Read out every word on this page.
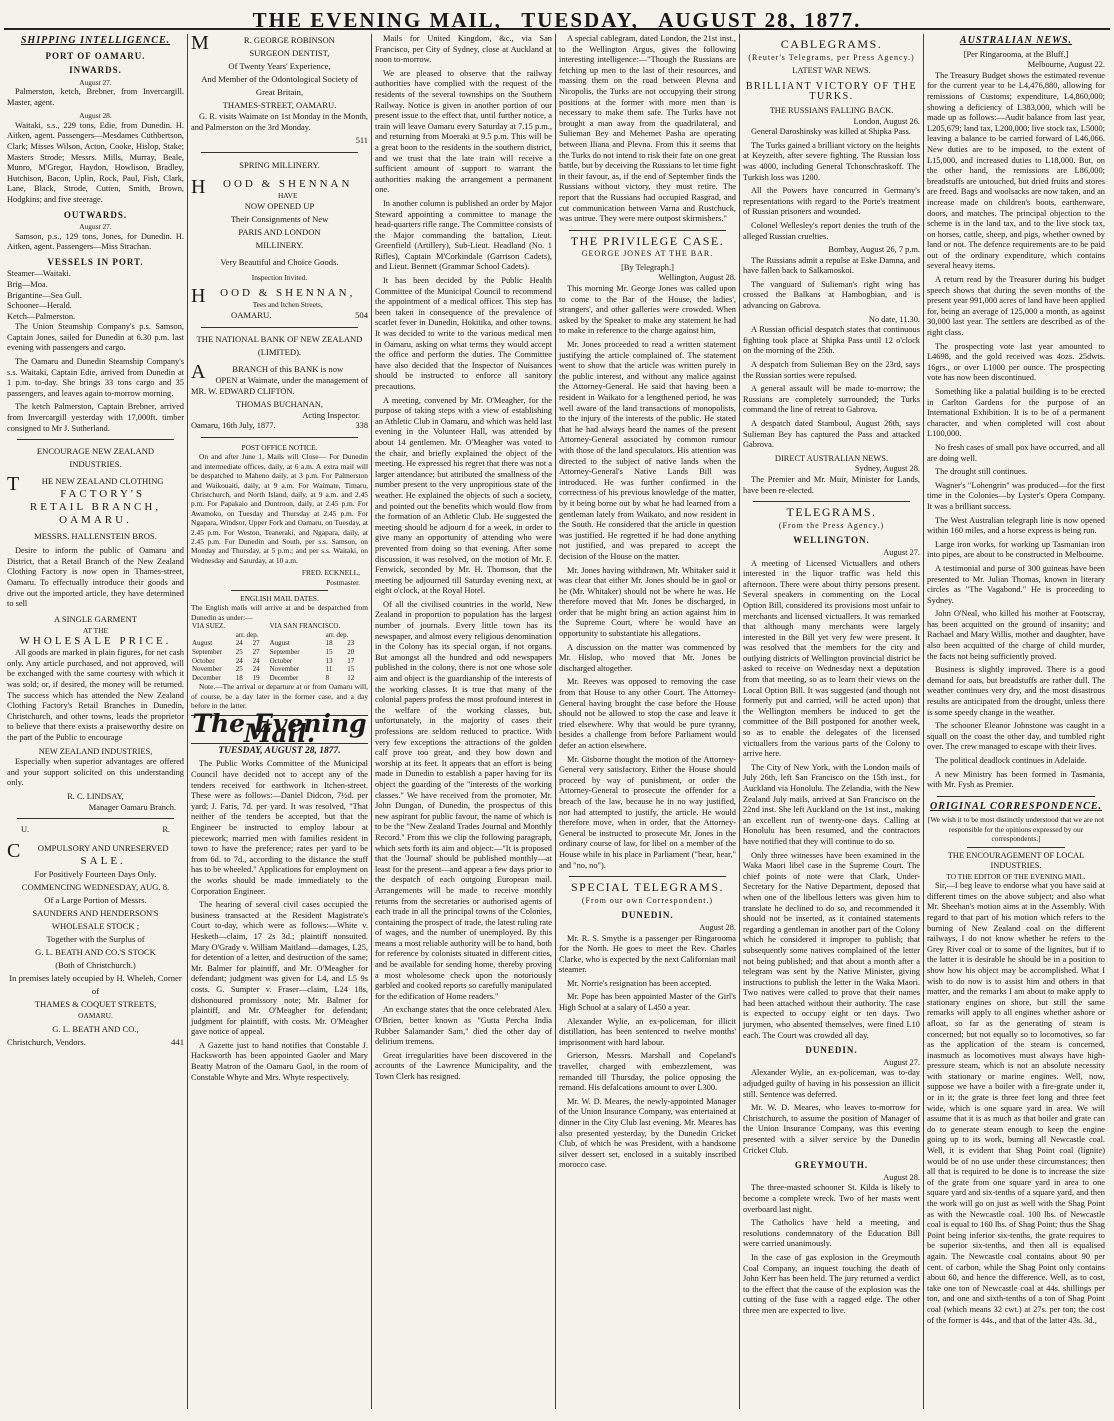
THE EVENING MAIL, TUESDAY, AUGUST 28, 1877.
SHIPPING INTELLIGENCE.
PORT OF OAMARU.
INWARDS.
August 27.

Palmerston, ketch, Brebner, from Invercargill. Master, agent.

August 28.

Waitaki, s.s., 229 tons, Edie, from Dunedin. H. Aitken, agent. Passengers—Mesdames Cuthbertson, Clark; Misses Wilson, Acton, Cooke, Hislop, Stake; Masters Strode; Messrs. Mills, Murray, Beale, Munro, M'Gregor, Haydon, Howlison, Bradley, Hutchison, Bacon, Uplin, Rock, Paul, Fish, Clark, Lane, Black, Strode, Cutten, Smith, Brown, Hodgkins; and five steerage.

OUTWARDS.
August 27.

Samson, p.s., 129 tons, Jones, for Dunedin. H. Aitken, agent. Passengers—Miss Strachan.

VESSELS IN PORT.
Steamer—Waitaki.
Brig—Moa.
Brigantine—Sea Gull.
Schooner—Herald.
Ketch—Palmerston.

The Union Steamship Company's p.s. Samson, Captain Jones, sailed for Dunedin at 6.30 p.m. last evening with passengers and cargo.

The Oamaru and Dunedin Steamship Company's s.s. Waitaki, Captain Edie, arrived from Dunedin at 1 p.m. to-day. She brings 33 tons cargo and 35 passengers, and leaves again to-morrow morning.

The ketch Palmerston, Captain Brebner, arrived from Invercargill yesterday with 17,000ft. timber consigned to Mr J. Sutherland.

ENCOURAGE NEW ZEALAND
INDUSTRIES.
T	HE NEW ZEALAND CLOTHING
FACTORY'S
RETAIL BRANCH,
OAMARU.
MESSRS. HALLENSTEIN BROS.

Desire to inform the public of Oamaru and District, that a Retail Branch of the New Zealand Clothing Factory is now open in Thames-street, Oamaru. To effectually introduce their goods and drive out the imported article, they have determined to sell

A SINGLE GARMENT
AT THE
WHOLESALE PRICE.

All goods are marked in plain figures, for net cash only. Any article purchased, and not approved, will be exchanged with the same courtesy with which it was sold; or, if desired, the money will be returned. The success which has attended the New Zealand Clothing Factory's Retail Branches in Dunedin, Christchurch, and other towns, leads the proprietor to believe that there exists a praiseworthy desire on the part of the Public to encourage

NEW ZEALAND INDUSTRIES,

Especially when superior advantages are offered and your support solicited on this understanding only.

R. C. LINDSAY,
Manager Oamaru Branch.
U.	R.
C OMPULSORY AND UNRESERVED
SALE.
For Positively Fourteen Days Only.
COMMENCING WEDNESDAY, AUG. 8.
Of a Large Portion of Messrs.
SAUNDERS AND HENDERSON'S
WHOLESALE STOCK ;
Together with the Surplus of
G. L. BEATH AND CO.'S STOCK
(Both of Christchurch.)
In premises lately occupied by H. Wheleh, Corner of
THAMES & COQUET STREETS,
OAMARU.
G. L. BEATH AND CO.,
Christchurch, Vendors.	441
M	R. GEORGE ROBINSON
SURGEON DENTIST,
Of Twenty Years' Experience,
And Member of the Odontological Society of Great Britain,
THAMES-STREET, OAMARU.

G. R. visits Waimate on 1st Monday in the Month, and Palmerston on the 3rd Monday.

511
SPRING MILLINERY.
H OOD & SHENNAN
HAVE
NOW OPENED UP
Their Consignments of New
PARIS AND LONDON
MILLINERY.
Very Beautiful and Choice Goods.
Inspection Invited.
H OOD & SHENNAN,
Tees and Itchen Streets,
OAMARU.	504
THE NATIONAL BANK OF NEW ZEALAND (LIMITED).
A	BRANCH of this BANK is now

OPEN at Waimate, under the management of MR. W. EDWARD CLIFTON.

THOMAS BUCHANAN,
Acting Inspector.
Oamaru, 16th July, 1877.	338
POST OFFICE NOTICE.

On and after June 1, Mails will Close— For Dunedin and intermediate offices, daily, at 6 a.m. A extra mail will be despatched to Maheno daily, at 3 p.m. For Palmerston and Waikouaiti, daily, at 9 a.m. For Waimate, Timaru, Christchurch, and North Island, daily, at 9 a.m. and 2.45 p.m. For Papakaio and Duntroon, daily, at 2.45 p.m. For Awamoko, on Tuesday and Thursday at 2.45 p.m. For Ngapara, Windsor, Upper Fork and Oamaru, on Tuesday, at 2.45 p.m. For Weston, Teaneraki, and Ngapara, daily, at 2.45 p.m. For Dunedin and South, per s.s. Samson, on Monday and Thursday, at 5 p.m.; and per s.s. Waitaki, on Wednesday and Saturday, at 10 a.m.

FRED. ECKNELL,
Postmaster.
ENGLISH MAIL DATES.
The English mails will arrive at and be despatched from Dunedin as under:—
VIA SUEZ.			VIA SAN FRANCISCO.		
	arr. dep.			arr. dep.	
August	24	27	August	18	23
September	25	27	September	15	20
October	24	24	October	13	17
November	25	24	November	11	15
December	18	19	December	8	12

Note.—The arrival or departure at or from Oamaru will, of course, be a day later in the former case, and a day before in the latter.

The Evening Mail.
TUESDAY, AUGUST 28, 1877.

The Public Works Committee of the Municipal Council have decided not to accept any of the tenders received for earthwork in Itchen-street. These were as follows:—Daniel Didcon, 7½d. per yard; J. Faris, 7d. per yard. It was resolved, "That neither of the tenders be accepted, but that the Engineer be instructed to employ labour at piecework; married men with families resident in town to have the preference; rates per yard to be from 6d. to 7d., according to the distance the stuff has to be wheeled." Applications for employment on the works should be made immediately to the Corporation Engineer.

The hearing of several civil cases occupied the business transacted at the Resident Magistrate's Court to-day, which were as follows:—White v. Hesketh—claim, 17 2s 3d.; plaintiff nonsuited. Mary O'Grady v. William Maitland—damages, L25, for detention of a letter, and destruction of the same; Mr. Balmer for plaintiff, and Mr. O'Meagher for defendant; judgment was given for L4, and L5 9s costs. G. Sumpter v. Fraser—claim, L24 18s, dishonoured promissory note; Mr. Balmer for plaintiff, and Mr. O'Meagher for defendant; judgment for plaintiff, with costs. Mr. O'Meagher gave notice of appeal.

A Gazette just to hand notifies that Constable J. Hacksworth has been appointed Gaoler and Mary Beatty Matron of the Oamaru Gaol, in the room of Constable Whyte and Mrs. Whyte respectively.

Mails for United Kingdom, &c., via San Francisco, per City of Sydney, close at Auckland at noon to-morrow.

We are pleased to observe that the railway authorities have complied with the request of the residents of the several townships on the Southern Railway. Notice is given in another portion of our present issue to the effect that, until further notice, a train will leave Oamaru every Saturday at 7.15 p.m., and returning from Moeraki at 9.5 p.m. This will be a great boon to the residents in the southern district, and we trust that the late train will receive a sufficient amount of support to warrant the authorities making the arrangement a permanent one.

In another column is published an order by Major Steward appointing a committee to manage the head-quarters rifle range. The Committee consists of the Major commanding the battalion, Lieut. Greenfield (Artillery), Sub-Lieut. Headland (No. 1 Rifles), Captain M'Corkindale (Garrison Cadets), and Lieut. Bennett (Grammar School Cadets).

It has been decided by the Public Health Committee of the Municipal Council to recommend the appointment of a medical officer. This step has been taken in consequence of the prevalence of scarlet fever in Dunedin, Hokitika, and other towns. It was decided to write to the various medical men in Oamaru, asking on what terms they would accept the office and perform the duties. The Committee have also decided that the Inspector of Nuisances should be instructed to enforce all sanitory precautions.

A meeting, convened by Mr. O'Meagher, for the purpose of taking steps with a view of establishing an Athletic Club in Oamaru, and which was held last evening in the Volunteer Hall, was attended by about 14 gentlemen. Mr. O'Meagher was voted to the chair, and briefly explained the object of the meeting. He expressed his regret that there was not a larger attendance; but attributed the smallness of the number present to the very unpropitious state of the weather. He explained the objects of such a society, and pointed out the benefits which would flow from the formation of an Athletic Club. He suggested the meeting should be adjourn d for a week, in order to give many an opportunity of attending who were prevented from doing so that evening. After some discussion, it was resolved, on the motion of Mr. F. Fenwick, seconded by Mr. H. Thomson, that the meeting be adjourned till Saturday evening next, at eight o'clock, at the Royal Hotel.

Of all the civilised countries in the world, New Zealand in proportion to population has the largest number of journals. Every little town has its newspaper, and almost every religious denomination in the Colony has its special organ, if not organs. But amongst all the hundred and odd newspapers published in the colony, there is not one whose sole aim and object is the guardianship of the interests of the working classes. It is true that many of the colonial papers profess the most profound interest in the welfare of the working classes, but, unfortunately, in the majority of cases their professions are seldom reduced to practice. With very few exceptions the attractions of the golden calf prove too great, and they bow down and worship at its feet. It appears that an effort is being made in Dunedin to establish a paper having for its object the guarding of the "interests of the working classes." We have received from the promoter, Mr. John Dungan, of Dunedin, the prospectus of this new aspirant for public favour, the name of which is to be the "New Zealand Trades Journal and Monthly Record." From this we clip the following paragraph, which sets forth its aim and object:—"It is proposed that the 'Journal' should be published monthly—at least for the present—and appear a few days prior to the despatch of each outgoing European mail. Arrangements will be made to receive monthly returns from the secretaries or authorised agents of each trade in all the principal towns of the Colonies, containing the prospect of trade, the latest ruling rate of wages, and the number of unemployed. By this means a most reliable authority will be to hand, both for reference by colonists situated in different cities, and be available for sending home, thereby proving a most wholesome check upon the notoriously garbled and cooked reports so carefully manipulated for the edification of Home readers."

An exchange states that the once celebrated Alex. O'Brien, better known as "Gutta Percha India Rubber Salamander Sam," died the other day of delirium tremens.

Great irregularities have been discovered in the accounts of the Lawrence Municipality, and the Town Clerk has resigned.

A special cablegram, dated London, the 21st inst., to the Wellington Argus, gives the following interesting intelligence:—"Though the Russians are fetching up men to the last of their resources, and massing them on the road between Plevna and Nicopolis, the Turks are not occupying their strong positions at the former with more men than is necessary to make them safe. The Turks have not brought a man away from the quadrilateral, and Sulieman Bey and Mehemet Pasha are operating between Iliana and Plevna. From this it seems that the Turks do not intend to risk their fate on one great battle, but by deceiving the Russians to let time fight in their favour, as, if the end of September finds the Russians without victory, they must retire. The report that the Russians had occupied Rasgrad, and cut communication between Varna and Rustchuck, was untrue. They were mere outpost skirmishers."

THE PRIVILEGE CASE.
GEORGE JONES AT THE BAR.
[By Telegraph.]
Wellington, August 28.

This morning Mr. George Jones was called upon to come to the Bar of the House, the ladies', strangers', and other galleries were crowded. When asked by the Speaker to make any statement he had to make in reference to the charge against him,

Mr. Jones proceeded to read a written statement justifying the article complained of. The statement went to show that the article was written purely in the public interest, and without any malice against the Attorney-General. He said that having been a resident in Waikato for a lengthened period, he was well aware of the land transactions of monopolists, to the injury of the interests of the public. He stated that he had always heard the names of the present Attorney-General associated by common rumour with those of the land speculators. His attention was directed to the subject of native lands when the Attorney-General's Native Lands Bill was introduced. He was further confirmed in the correctness of his previous knowledge of the matter, by it being borne out by what he had learned from a gentleman lately from Waikato, and now resident in the South. He considered that the article in question was justified. He regretted if he had done anything not justified, and was prepared to accept the decision of the House on the matter.

Mr. Jones having withdrawn, Mr. Whitaker said it was clear that either Mr. Jones should be in gaol or he (Mr. Whitaker) should not be where he was. He therefore moved that Mr. Jones be discharged, in order that he might bring an action against him in the Supreme Court, where he would have an opportunity to substantiate his allegations.

A discussion on the matter was commenced by Mr. Hislop, who moved that Mr. Jones be discharged altogether.

Mr. Reeves was opposed to removing the case from that House to any other Court. The Attorney-General having brought the case before the House should not be allowed to stop the case and leave it tried elsewhere. Why that would be pure tyranny, besides a challenge from before Parliament would defer an action elsewhere.

Mr. Gisborne thought the motion of the Attorney-General very satisfactory. Either the House should proceed by way of punishment, or order the Attorney-General to prosecute the offender for a breach of the law, because he in no way justified, nor had attempted to justify, the article. He would therefore move, when in order, that the Attorney-General be instructed to prosecute Mr. Jones in the ordinary course of law, for libel on a member of the House while in his place in Parliament ("hear, hear," and "no, no").

SPECIAL TELEGRAMS.
(From our own Correspondent.)
DUNEDIN.
August 28.

Mr. R. S. Smythe is a passenger per Ringarooma for the North. He goes to meet the Rev. Charles Clarke, who is expected by the next Californian mail steamer.

Mr. Norrie's resignation has been accepted.

Mr. Pope has been appointed Master of the Girl's High School at a salary of L450 a year.

Alexander Wylie, an ex-policeman, for illicit distillation, has been sentenced to twelve months' imprisonment with hard labour.

Grierson, Messrs. Marshall and Copeland's traveller, charged with embezzlement, was remanded till Thursday, the police opposing the remand. His defalcations amount to over L300.

Mr. W. D. Meares, the newly-appointed Manager of the Union Insurance Company, was entertained at dinner in the City Club last evening. Mr. Meares has also presented yesterday, by the Dunedin Cricket Club, of which he was President, with a handsome silver dessert set, enclosed in a suitably inscribed morocco case.

CABLEGRAMS.
(Reuter's Telegrams, per Press Agency.)
LATEST WAR NEWS.
BRILLIANT VICTORY OF THE TURKS.
THE RUSSIANS FALLING BACK.
London, August 26.

General Daroshinsky was killed at Shipka Pass.

The Turks gained a brilliant victory on the heights at Keyzeith, after severe fighting. The Russian loss was 4000, including General Tchonschraskoff. The Turkish loss was 1200.

All the Powers have concurred in Germany's representations with regard to the Porte's treatment of Russian prisoners and wounded.

Colonel Wellesley's report denies the truth of the alleged Russian cruelties.

Bombay, August 26, 7 p.m.

The Russians admit a repulse at Eske Damna, and have fallen back to Salkamoskoi.

The vanguard of Sulieman's right wing has crossed the Balkans at Hambogbian, and is advancing on Gabrova.

No date, 11.30.

A Russian official despatch states that continuous fighting took place at Shipka Pass until 12 o'clock on the morning of the 25th.

A despatch from Sulieman Bey on the 23rd, says the Russian sorties were repulsed.

A general assault will be made to-morrow; the Russians are completely surrounded; the Turks command the line of retreat to Gabrova.

A despatch dated Stamboul, August 26th, says Sulieman Bey has captured the Pass and attacked Gabrova.

DIRECT AUSTRALIAN NEWS.
Sydney, August 28.

The Premier and Mr. Muir, Minister for Lands, have been re-elected.

TELEGRAMS.
(From the Press Agency.)
WELLINGTON.
August 27.

A meeting of Licensed Victuallers and others interested in the liquor traffic was held this afternoon. There were about thirty persons present. Several speakers in commenting on the Local Option Bill, considered its provisions most unfair to merchants and licensed victuallers. It was remarked that although many merchants were largely interested in the Bill yet very few were present. It was resolved that the members for the city and outlying districts of Wellington provincial district be asked to receive on Wednesday next a deputation from that meeting, so as to learn their views on the Local Option Bill. It was suggested (and though not formerly put and carried, will be acted upon) that the Wellington members be induced to get the committee of the Bill postponed for another week, so as to enable the delegates of the licensed victuallers from the various parts of the Colony to arrive here.

The City of New York, with the London mails of July 26th, left San Francisco on the 15th inst., for Auckland via Honolulu. The Zelandia, with the New Zealand July mails, arrived at San Francisco on the 22nd inst. She left Auckland on the 1st inst., making an excellent run of twenty-one days. Calling at Honolulu has been resumed, and the contractors have notified that they will continue to do so.

Only three witnesses have been examined in the Waka Maori libel case in the Supreme Court. The chief points of note were that Clark, Under-Secretary for the Native Department, deposed that when one of the libellous letters was given him to translate he declined to do so, and recommended it should not be inserted, as it contained statements regarding a gentleman in another part of the Colony which he considered it improper to publish; that subsequently some natives complained of the letter not being published; and that about a month after a telegram was sent by the Native Minister, giving instructions to publish the letter in the Waka Maori. Two natives were called to prove that their names had been attached without their authority. The case is expected to occupy eight or ten days. Two jurymen, who absented themselves, were fined L10 each. The Court was crowded all day.

DUNEDIN.
August 27.

Alexander Wylie, an ex-policeman, was to-day adjudged guilty of having in his possession an illicit still. Sentence was deferred.

Mr. W. D. Meares, who leaves to-morrow for Christchurch, to assume the position of Manager of the Union Insurance Company, was this evening presented with a silver service by the Dunedin Cricket Club.

GREYMOUTH.
August 28.

The three-masted schooner St. Kilda is likely to become a complete wreck. Two of her masts went overboard last night.

The Catholics have held a meeting, and resolutions condemnatory of the Education Bill were carried unanimously.

In the case of gas explosion in the Greymouth Coal Company, an inquest touching the death of John Kerr has been held. The jury returned a verdict to the effect that the cause of the explosion was the cutting of the fuse with a ragged edge. The other three men are expected to live.

AUSTRALIAN NEWS.
[Per Ringarooma, at the Bluff.]
Melbourne, August 22.

The Treasury Budget shows the estimated revenue for the current year to be L4,476,880, allowing for remissions of Customs; expenditure, L4,860,000; showing a deficiency of L383,000, which will be made up as follows:—Audit balance from last year, L205,679; land tax, L200,000; live stock tax, L5000; leaving a balance to be carried forward of L46,066. New duties are to be imposed, to the extent of L15,000, and increased duties to L18,000. But, on the other hand, the remissions are L86,000; breadstuffs are untouched, but dried fruits and stores are freed. Bags and woolsacks are now taken, and an increase made on children's boots, earthenware, doors, and matches. The principal objection to the scheme is in the land tax, and to the live stock tax, on horses, cattle, sheep, and pigs, whether owned by land or not. The defence requirements are to be paid out of the ordinary expenditure, which contains several heavy items.

A return read by the Treasurer during his budget speech shows that during the seven months of the present year 991,000 acres of land have been applied for, being an average of 125,000 a month, as against 30,000 last year. The settlers are described as of the right class.

The prospecting vote last year amounted to L4698, and the gold received was 4ozs. 25dwts. 16grs., or over L1000 per ounce. The prospecting vote has now been discontinued.

Something like a palatial building is to be erected in Carlton Gardens for the purpose of an International Exhibition. It is to be of a permanent character, and when completed will cost about L100,000.

No fresh cases of small pox have occurred, and all are doing well.

The drought still continues.

Wagner's "Lohengrin" was produced—for the first time in the Colonies—by Lyster's Opera Company. It was a brilliant success.

The West Australian telegraph line is now opened within 160 miles, and a horse express is being run.

Large iron works, for working up Tasmanian iron into pipes, are about to be constructed in Melbourne.

A testimonial and purse of 300 guineas have been presented to Mr. Julian Thomas, known in literary circles as "The Vagabond." He is proceeding to Sydney.

John O'Neal, who killed his mother at Footscray, has been acquitted on the ground of insanity; and Rachael and Mary Willis, mother and daughter, have also been acquitted of the charge of child murder, the facts not being sufficiently proved.

Business is slightly improved. There is a good demand for oats, but breadstuffs are rather dull. The weather continues very dry, and the most disastrous results are anticipated from the drought, unless there is some speedy change in the weather.

The schooner Eleanor Johnstone was caught in a squall on the coast the other day, and tumbled right over. The crew managed to escape with their lives.

The political deadlock continues in Adelaide.

A new Ministry has been formed in Tasmania, with Mr. Fysh as Premier.

ORIGINAL CORRESPONDENCE.
[We wish it to be most distinctly understood that we are not responsible for the opinions expressed by our correspondents.]
THE ENCOURAGEMENT OF LOCAL INDUSTRIES.
TO THE EDITOR OF THE EVENING MAIL.

Sir,—I beg leave to endorse what you have said at different times on the above subject; and also what Mr. Sheehan's motion aims at in the Assembly. With regard to that part of his motion which refers to the burning of New Zealand coal on the different railways, I do not know whether he refers to the Grey River coal or to some of the lignites, but if to the latter it is desirable he should be in a position to show how his object may be accomplished. What I wish to do now is to assist him and others in that matter, and the remarks I am about to make apply to stationary engines on shore, but still the same remarks will apply to all engines whether ashore or afloat, so far as the generating of steam is concerned; but not equally so to locomotives, so far as the application of the steam is concerned, inasmuch as locomotives must always have high-pressure steam, which is not an absolute necessity with stationary or marine engines. Well, now, suppose we have a boiler with a fire-grate under it, or in it; the grate is three feet long and three feet wide, which is one square yard in area. We will assume that it is as much as that boiler and grate can do to generate steam enough to keep the engine going up to its work, burning all Newcastle coal. Well, it is evident that Shag Point coal (lignite) would be of no use under these circumstances; then all that is required to be done is to increase the size of the grate from one square yard in area to one square yard and six-tenths of a square yard, and then the work will go on just as well with the Shag Point as with the Newcastle coal. 100 lbs. of Newcastle coal is equal to 160 lbs. of Shag Point; thus the Shag Point being inferior six-tenths, the grate requires to be superior six-tenths, and then all is equalised again. The Newcastle coal contains about 90 per cent. of carbon, while the Shag Point only contains about 60, and hence the difference. Well, as to cost, take one ton of Newcastle coal at 44s. shillings per ton, and one and sixth-tenths of a ton of Shag Point coal (which means 32 cwt.) at 27s. per ton; the cost of the former is 44s., and that of the latter 43s. 3d.,
